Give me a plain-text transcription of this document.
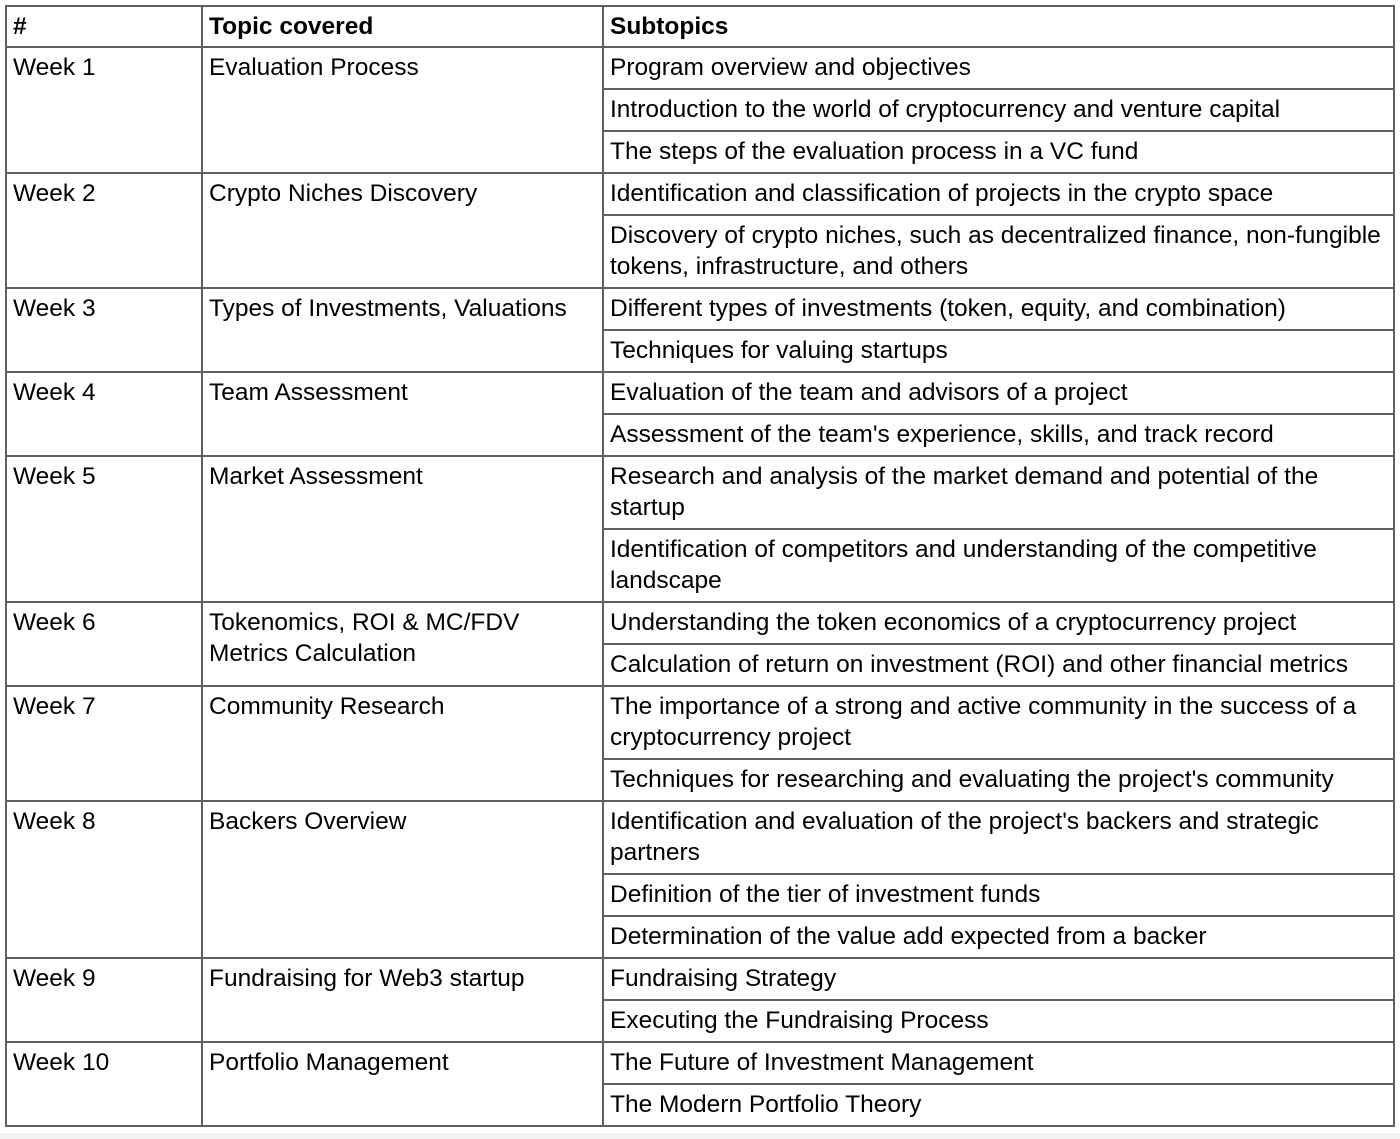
#	Topic covered	Subtopics
Week 1	Evaluation Process	Program overview and objectives
Introduction to the world of cryptocurrency and venture capital
The steps of the evaluation process in a VC fund

Week 2	Crypto Niches Discovery	Identification and classification of projects in the crypto space
Discovery of crypto niches, such as decentralized finance, non-fungible tokens, infrastructure, and others

Week 3	Types of Investments, Valuations	Different types of investments (token, equity, and combination)
Techniques for valuing startups

Week 4	Team Assessment	Evaluation of the team and advisors of a project
Assessment of the team's experience, skills, and track record

Week 5	Market Assessment	Research and analysis of the market demand and potential of the startup
Identification of competitors and understanding of the competitive landscape

Week 6	Tokenomics, ROI & MC/FDV Metrics Calculation	Understanding the token economics of a cryptocurrency project
Calculation of return on investment (ROI) and other financial metrics

Week 7	Community Research	The importance of a strong and active community in the success of a cryptocurrency project
Techniques for researching and evaluating the project's community

Week 8	Backers Overview	Identification and evaluation of the project's backers and strategic partners
Definition of the tier of investment funds
Determination of the value add expected from a backer

Week 9	Fundraising for Web3 startup	Fundraising Strategy
Executing the Fundraising Process

Week 10	Portfolio Management	The Future of Investment Management
The Modern Portfolio Theory
